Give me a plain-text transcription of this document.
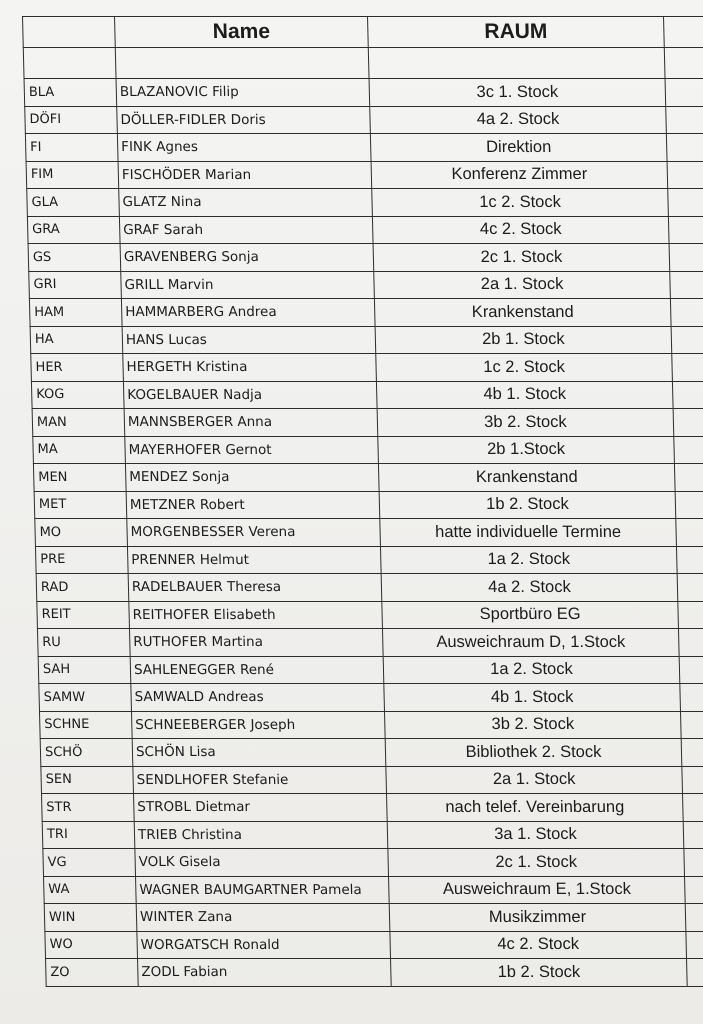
	Name	RAUM	

BLA	BLAZANOVIC Filip	3c 1. Stock	
DÖFI	DÖLLER-FIDLER Doris	4a 2. Stock	
FI	FINK Agnes	Direktion	
FIM	FISCHÖDER Marian	Konferenz Zimmer	
GLA	GLATZ Nina	1c 2. Stock	
GRA	GRAF Sarah	4c 2. Stock	
GS	GRAVENBERG Sonja	2c 1. Stock	
GRI	GRILL Marvin	2a 1. Stock	
HAM	HAMMARBERG Andrea	Krankenstand	
HA	HANS Lucas	2b 1. Stock	
HER	HERGETH Kristina	1c 2. Stock	
KOG	KOGELBAUER Nadja	4b 1. Stock	
MAN	MANNSBERGER Anna	3b 2. Stock	
MA	MAYERHOFER Gernot	2b 1.Stock	
MEN	MENDEZ Sonja	Krankenstand	
MET	METZNER Robert	1b 2. Stock	
MO	MORGENBESSER Verena	hatte individuelle Termine	
PRE	PRENNER Helmut	1a 2. Stock	
RAD	RADELBAUER Theresa	4a 2. Stock	
REIT	REITHOFER Elisabeth	Sportbüro EG	
RU	RUTHOFER Martina	Ausweichraum D, 1.Stock	
SAH	SAHLENEGGER René	1a 2. Stock	
SAMW	SAMWALD Andreas	4b 1. Stock	
SCHNE	SCHNEEBERGER Joseph	3b 2. Stock	
SCHÖ	SCHÖN Lisa	Bibliothek 2. Stock	
SEN	SENDLHOFER Stefanie	2a 1. Stock	
STR	STROBL Dietmar	nach telef. Vereinbarung	
TRI	TRIEB Christina	3a 1. Stock	
VG	VOLK Gisela	2c 1. Stock	
WA	WAGNER BAUMGARTNER Pamela	Ausweichraum E, 1.Stock	
WIN	WINTER Zana	Musikzimmer	
WO	WORGATSCH Ronald	4c 2. Stock	
ZO	ZODL Fabian	1b 2. Stock	
